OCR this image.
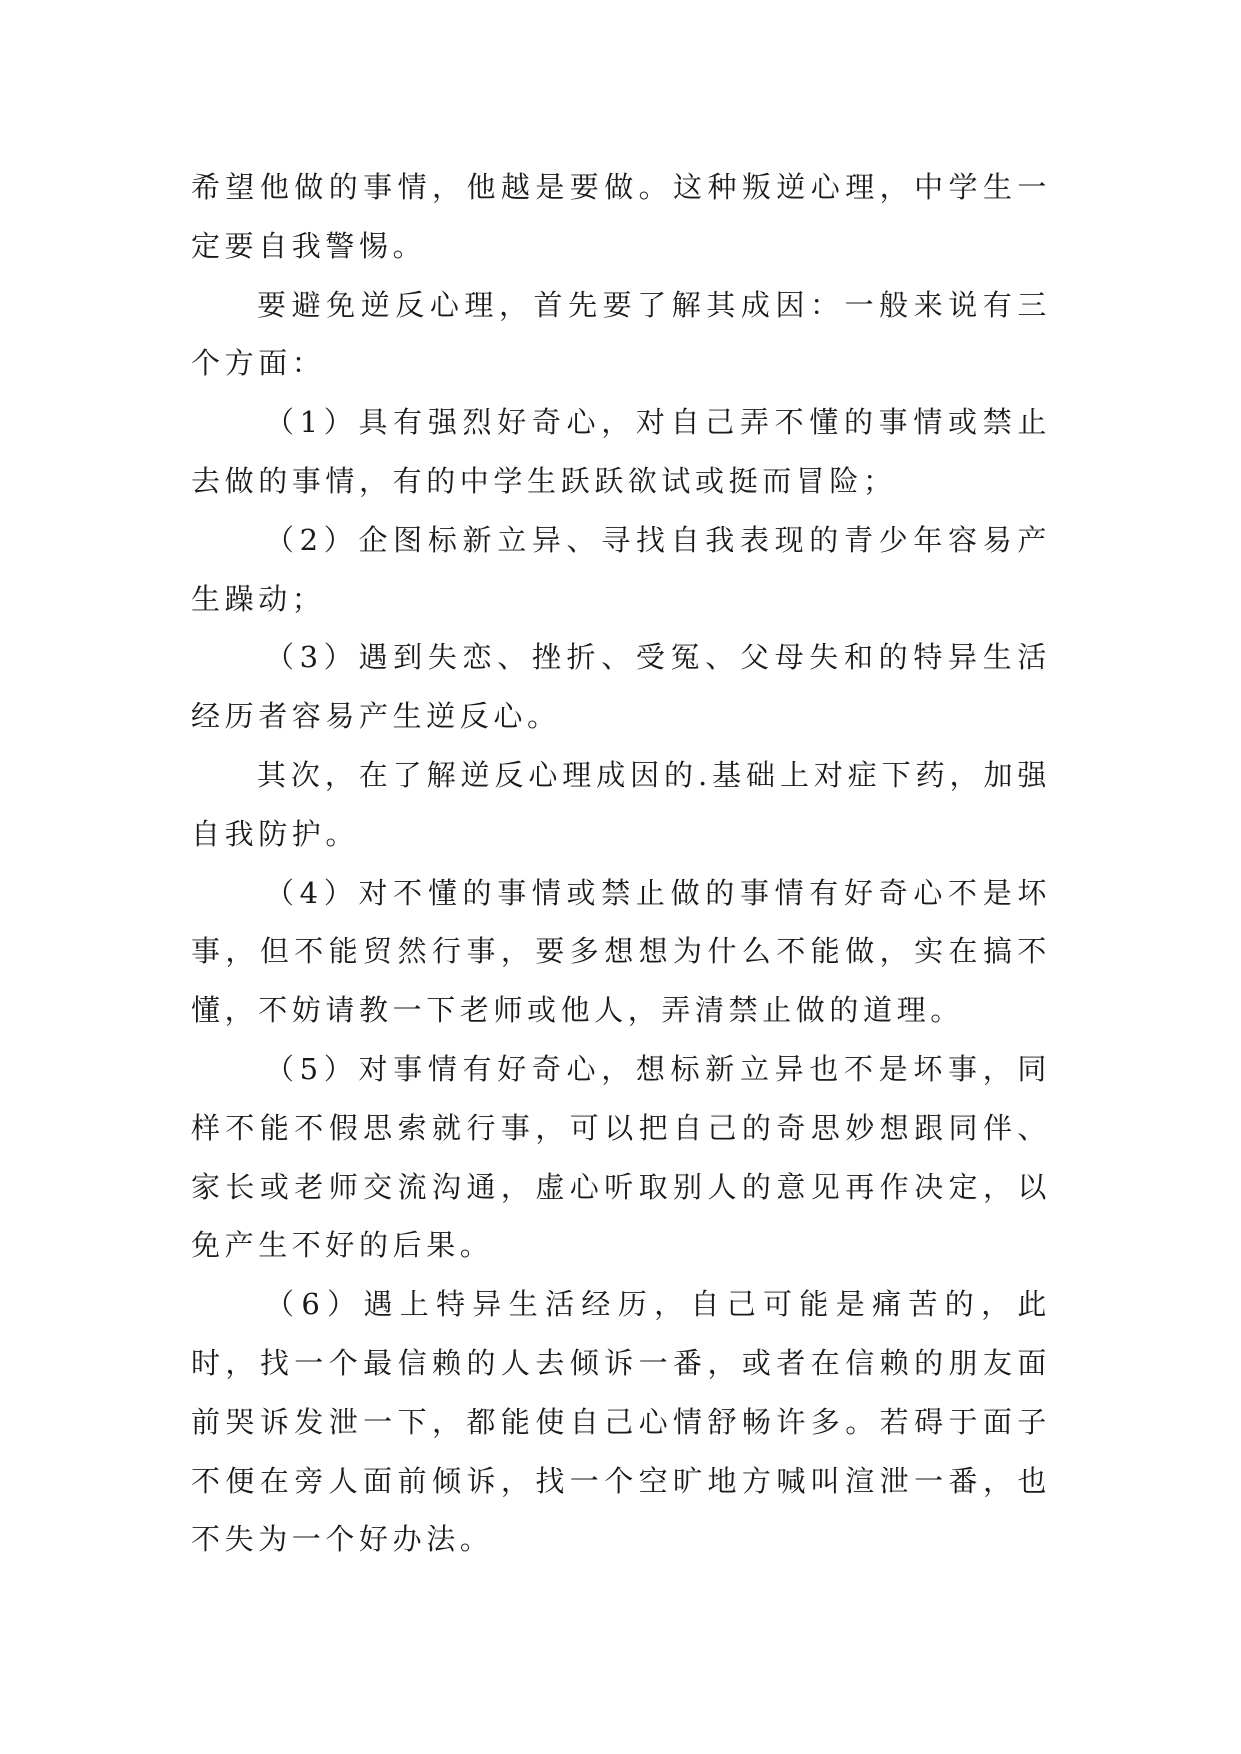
希望他做的事情，他越是要做。这种叛逆心理，中学生一定要自我警惕。

要避免逆反心理，首先要了解其成因：一般来说有三个方面：

（1）具有强烈好奇心，对自己弄不懂的事情或禁止去做的事情，有的中学生跃跃欲试或挺而冒险；

（2）企图标新立异、寻找自我表现的青少年容易产生躁动；

（3）遇到失恋、挫折、受冤、父母失和的特异生活经历者容易产生逆反心。

其次，在了解逆反心理成因的.基础上对症下药，加强自我防护。

（4）对不懂的事情或禁止做的事情有好奇心不是坏事，但不能贸然行事，要多想想为什么不能做，实在搞不懂，不妨请教一下老师或他人，弄清禁止做的道理。

（5）对事情有好奇心，想标新立异也不是坏事，同样不能不假思索就行事，可以把自己的奇思妙想跟同伴、家长或老师交流沟通，虚心听取别人的意见再作决定，以免产生不好的后果。

（6）遇上特异生活经历，自己可能是痛苦的，此时，找一个最信赖的人去倾诉一番，或者在信赖的朋友面前哭诉发泄一下，都能使自己心情舒畅许多。若碍于面子不便在旁人面前倾诉，找一个空旷地方喊叫渲泄一番，也不失为一个好办法。
